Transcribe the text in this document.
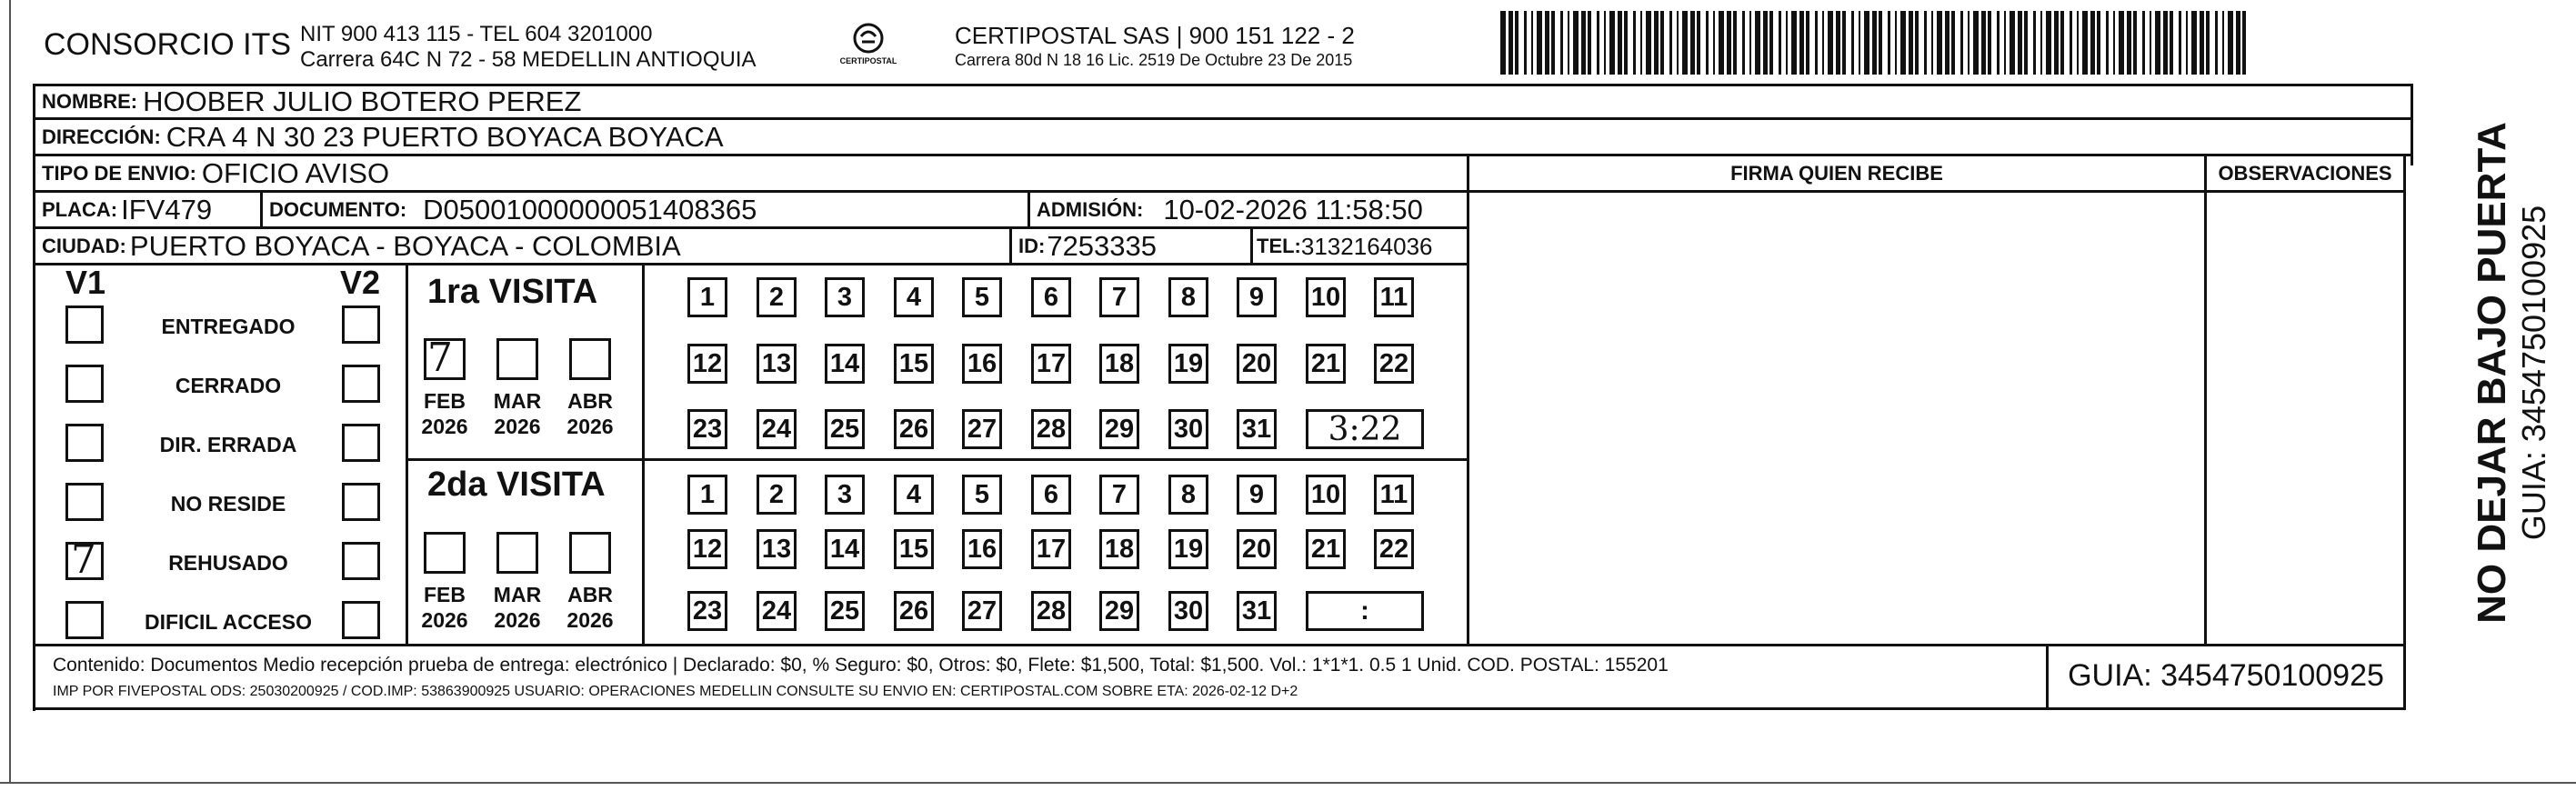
CONSORCIO ITS NIT 900 413 115 - TEL 604 3201000
Carrera 64C N 72 - 58 MEDELLIN ANTIOQUIA	CERTIPOSTAL
CERTIPOSTAL SAS | 900 151 122 - 2
Carrera 80d N 18 16 Lic. 2519 De Octubre 23 De 2015
NOMBRE: HOOBER JULIO BOTERO PEREZ
DIRECCIÓN: CRA 4 N 30 23 PUERTO BOYACA BOYACA
TIPO DE ENVIO: OFICIO AVISO	FIRMA QUIEN RECIBE	OBSERVACIONES
PLACA: IFV479	DOCUMENTO: D05001000000051408365	ADMISIÓN: 10-02-2026 11:58:50
CIUDAD: PUERTO BOYACA - BOYACA - COLOMBIA	ID: 7253335	TEL: 3132164036
V1	V2
ENTREGADO
CERRADO
DIR. ERRADA
NO RESIDE
REHUSADO
7
DIFICIL ACCESO
1ra VISITA
2da VISITA
FEB
2026
MAR
2026
ABR
2026
FEB
2026
MAR
2026
ABR
2026
7
1	2	3	4	5	6	7	8	9	10 11
12 13 14 15 16 17 18 19 20 21 22
23 24 25 26 27 28 29 30 31	3:22
1	2	3	4	5	6	7	8	9	10 11
12 13 14 15 16 17 18 19 20 21 22
23 24 25 26 27 28 29 30 31	:
Contenido: Documentos Medio recepción prueba de entrega: electrónico | Declarado: $0, % Seguro: $0, Otros: $0, Flete: $1,500, Total: $1,500. Vol.: 1*1*1. 0.5 1 Unid. COD. POSTAL: 155201
IMP POR FIVEPOSTAL ODS: 25030200925 / COD.IMP: 53863900925 USUARIO: OPERACIONES MEDELLIN CONSULTE SU ENVIO EN: CERTIPOSTAL.COM SOBRE ETA: 2026-02-12 D+2	GUIA: 3454750100925
NO DEJAR BAJO PUERTA GUIA: 3454750100925
